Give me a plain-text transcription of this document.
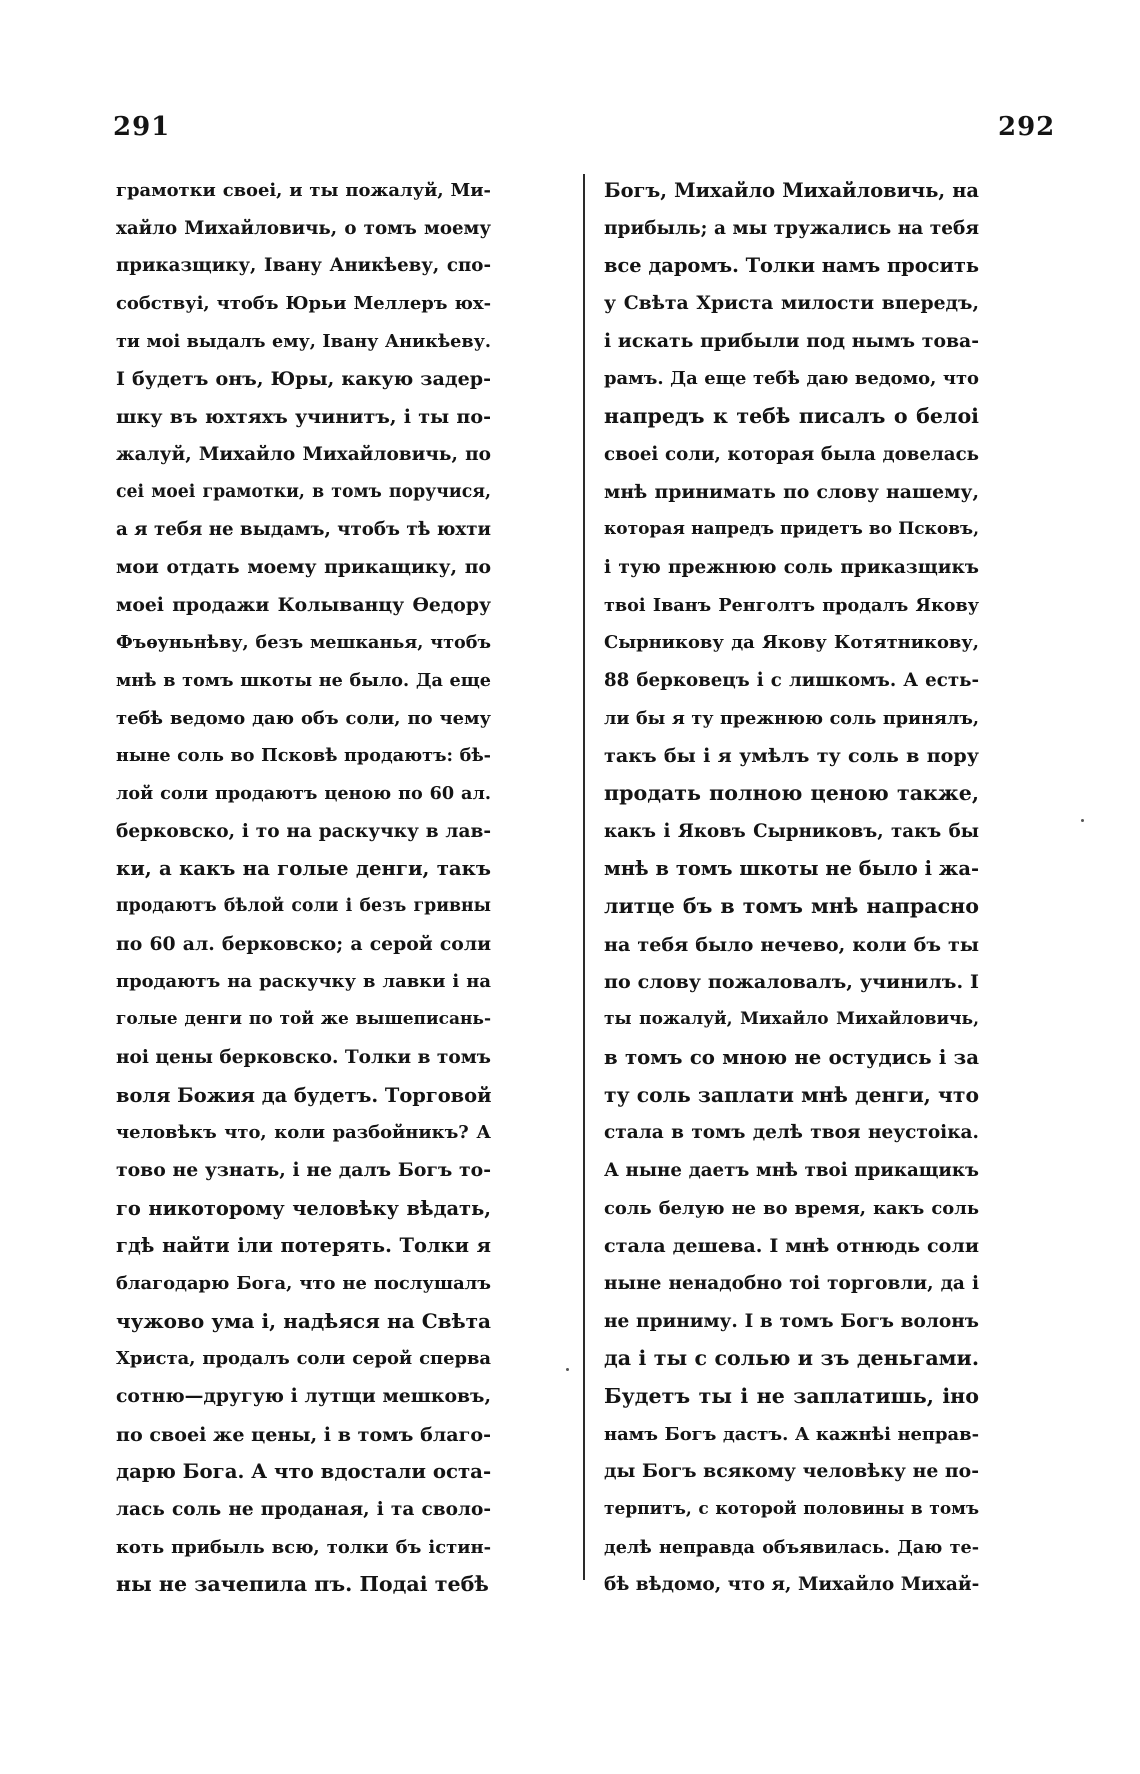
291	292
грамотки своеі, и ты пожалуй, Ми-
хайло Михайловичь, о томъ моему
приказщику, Івану Аникѣеву, спо-
собствуі, чтобъ Юрьи Меллеръ юх-
ти моі выдалъ ему, Івану Аникѣеву.
I будетъ онъ, Юры, какую задер-
шку въ юхтяхъ учинитъ, і ты по-
жалуй, Михайло Михайловичь, по
сеі моеі грамотки, в томъ поручися,
а я тебя не выдамъ, чтобъ тѣ юхти
мои отдать моему прикащику, по
моеі продажи Колыванцу Өедору
Фъѳуньнѣву, безъ мешканья, чтобъ
мнѣ в томъ шкоты не было. Да еще
тебѣ ведомо даю объ соли, по чему
ныне соль во Псковѣ продаютъ: бѣ-
лой соли продаютъ ценою по 60 ал.
берковско, і то на раскучку в лав-
ки, а какъ на голые денги, такъ
продаютъ бѣлой соли і безъ гривны
по 60 ал. берковско; а серой соли
продаютъ на раскучку в лавки і на
голые денги по той же вышеписань-
ноі цены берковско. Толки в томъ
воля Божия да будетъ. Торговой
человѣкъ что, коли разбойникъ? А
тово не узнать, і не далъ Богъ то-
го никоторому человѣку вѣдать,
гдѣ найти іли потерять. Толки я
благодарю Бога, что не послушалъ
чужово ума і, надѣяся на Свѣта
Христа, продалъ соли серой сперва
сотню—другую і лутщи мешковъ,
по своеі же цены, і в томъ благо-
дарю Бога. А что вдостали оста-
лась соль не проданая, і та своло-
коть прибыль всю, толки бъ істин-
ны не зачепила пъ. Подаі тебѣ
Богъ, Михайло Михайловичь, на
прибыль; а мы тружались на тебя
все даромъ. Толки намъ просить
у Свѣта Христа милости впередъ,
і искать прибыли под нымъ това-
рамъ. Да еще тебѣ даю ведомо, что
напредъ к тебѣ писалъ о белоі
своеі соли, которая была довелась
мнѣ принимать по слову нашему,
которая напредъ придетъ во Псковъ,
і тую прежнюю соль приказщикъ
твоі Іванъ Ренголтъ продалъ Якову
Сырникову да Якову Котятникову,
88 берковецъ і с лишкомъ. А есть-
ли бы я ту прежнюю соль принялъ,
такъ бы і я умѣлъ ту соль в пору
продать полною ценою также,
какъ і Яковъ Сырниковъ, такъ бы
мнѣ в томъ шкоты не было і жа-
литце бъ в томъ мнѣ напрасно
на тебя было нечево, коли бъ ты
по слову пожаловалъ, учинилъ. I
ты пожалуй, Михайло Михайловичь,
в томъ со мною не остудись і за
ту соль заплати мнѣ денги, что
стала в томъ делѣ твоя неустоіка.
А ныне даетъ мнѣ твоі прикащикъ
соль белую не во время, какъ соль
стала дешева. I мнѣ отнюдь соли
ныне ненадобно тоі торговли, да і
не приниму. I в томъ Богъ волонъ
да і ты с солью и зъ деньгами.
Будетъ ты і не заплатишь, іно
намъ Богъ дастъ. А кажнѣі неправ-
ды Богъ всякому человѣку не по-
терпитъ, с которой половины в томъ
делѣ неправда объявилась. Даю те-
бѣ вѣдомо, что я, Михайло Михай-
